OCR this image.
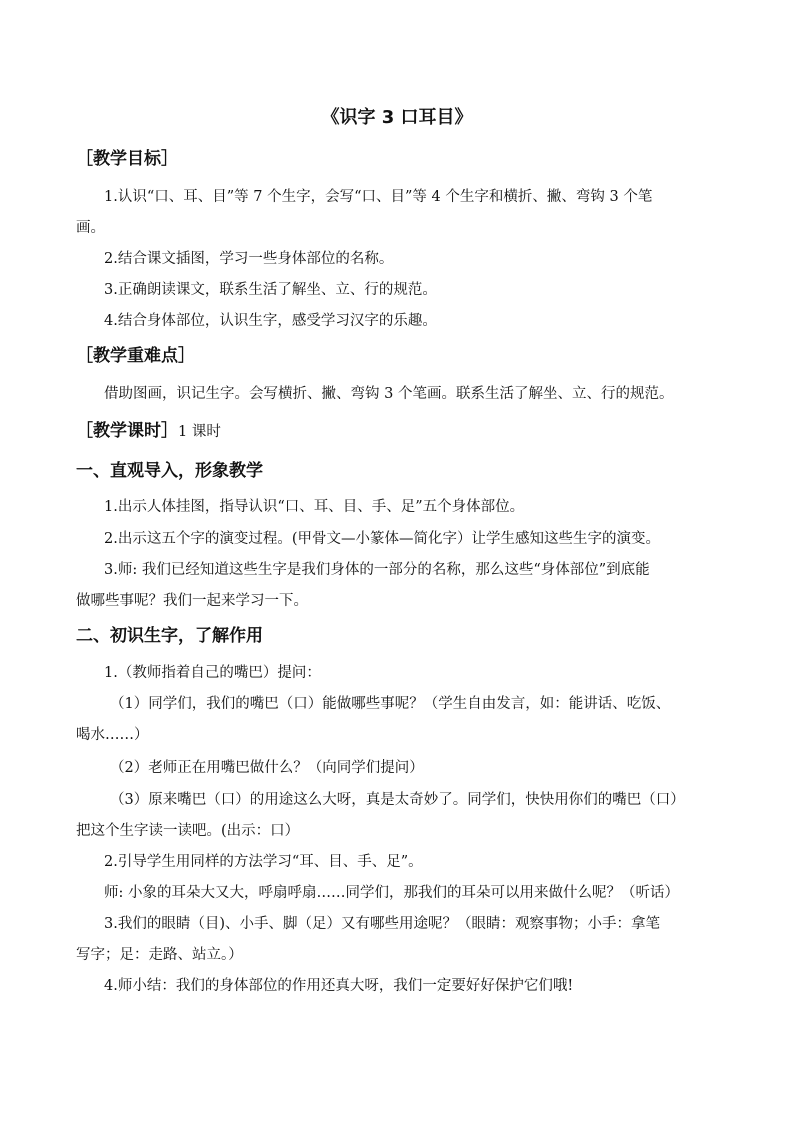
《识字 3 口耳目》
［教学目标］
1.认识“口、耳、目”等 7 个生字，会写“口、目”等 4 个生字和横折、撇、弯钩 3 个笔
画。
2.结合课文插图，学习一些身体部位的名称。
3.正确朗读课文，联系生活了解坐、立、行的规范。
4.结合身体部位，认识生字，感受学习汉字的乐趣。
［教学重难点］
借助图画，识记生字。会写横折、撇、弯钩 3 个笔画。联系生活了解坐、立、行的规范。
［教学课时］1 课时
一、直观导入，形象教学
1.出示人体挂图，指导认识“口、耳、目、手、足”五个身体部位。
2.出示这五个字的演变过程。(甲骨文—小篆体—简化字）让学生感知这些生字的演变。
3.师: 我们已经知道这些生字是我们身体的一部分的名称，那么这些“身体部位”到底能
做哪些事呢？我们一起来学习一下。
二、初识生字，了解作用
1.（教师指着自己的嘴巴）提问：
（1）同学们，我们的嘴巴（口）能做哪些事呢？（学生自由发言，如：能讲话、吃饭、
喝水……）
（2）老师正在用嘴巴做什么？（向同学们提问）
（3）原来嘴巴（口）的用途这么大呀，真是太奇妙了。同学们，快快用你们的嘴巴（口）
把这个生字读一读吧。(出示：口）
2.引导学生用同样的方法学习“耳、目、手、足”。
师: 小象的耳朵大又大，呼扇呼扇……同学们，那我们的耳朵可以用来做什么呢？（听话）
3.我们的眼睛（目)、小手、脚（足）又有哪些用途呢？（眼睛：观察事物；小手：拿笔
写字；足：走路、站立。）
4.师小结：我们的身体部位的作用还真大呀，我们一定要好好保护它们哦!
